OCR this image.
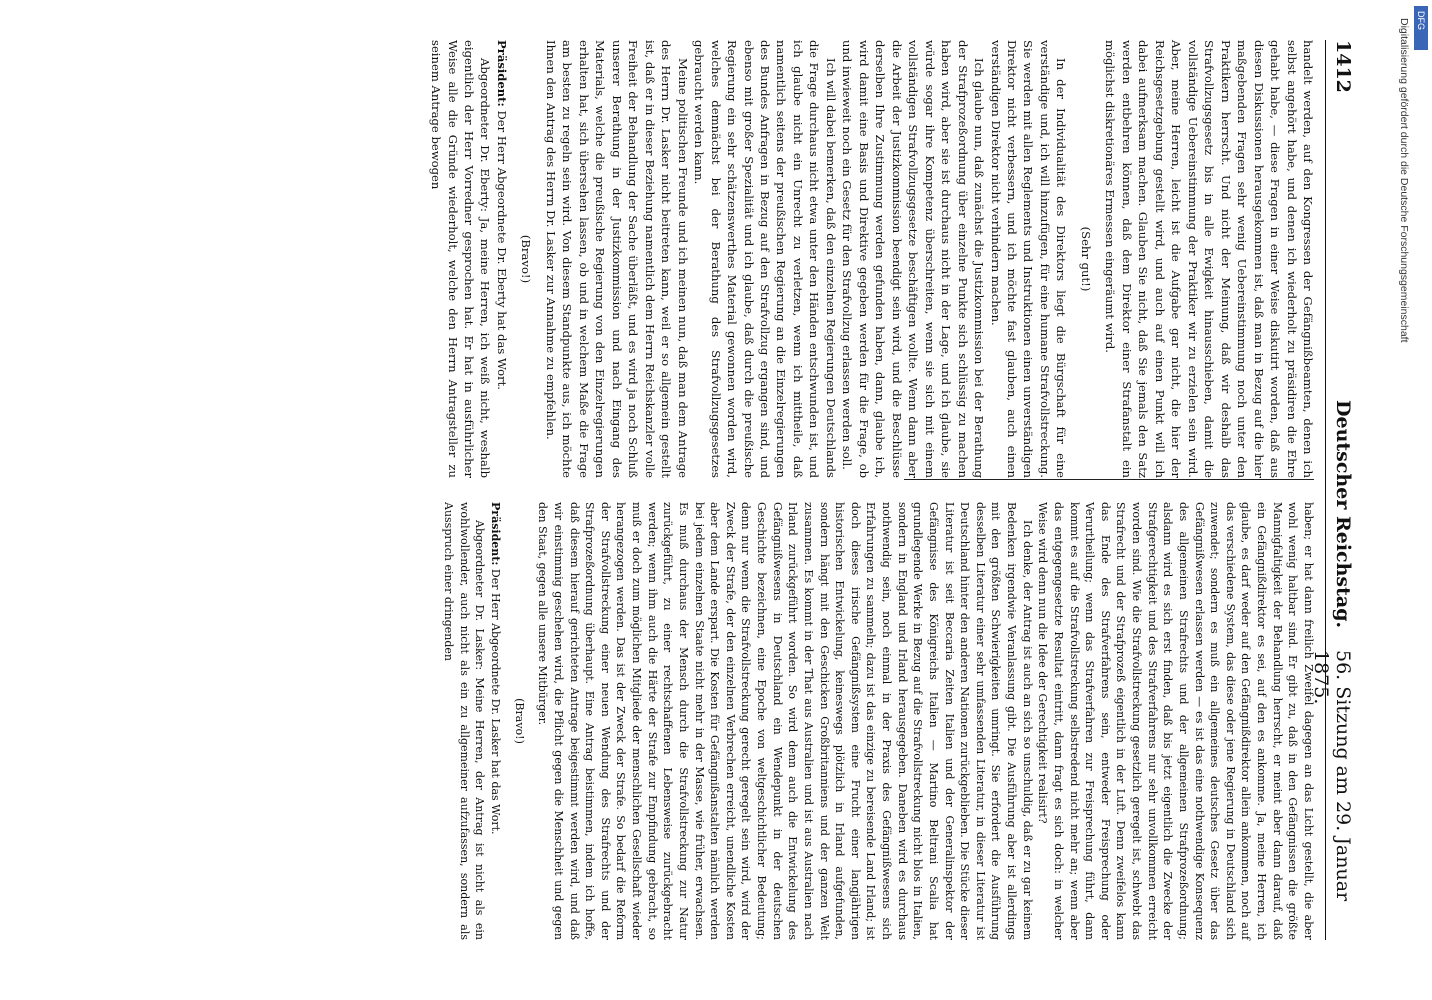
1412
Deutscher Reichstag.
56. Sitzung am 29. Januar 1875.

handelt werden, auf den Kongressen der Gefängnißbeamten, denen ich selbst angehört habe, und denen ich wiederholt zu präsidiren die Ehre gehabt habe, — diese Fragen in einer Weise diskutirt worden, daß aus diesen Diskussionen herausgekommen ist, daß man in Bezug auf die hier maßgebenden Fragen sehr wenig Uebereinstimmung noch unter den Praktikern herrscht. Und nicht der Meinung, daß wir deshalb das Strafvollzugsgesetz bis in alle Ewigkeit hinausschieben, damit die vollständige Uebereinstimmung der Praktiker wir zu erzielen sein wird. Aber, meine Herren, leicht ist die Aufgabe gar nicht, die hier der Reichsgesetzgebung gestellt wird, und auch auf einen Punkt will ich dabei aufmerksam machen. Glauben Sie nicht, daß Sie jemals den Satz werden entbehren können, daß dem Direktor einer Strafanstalt ein möglichst diskretionäres Ermessen eingeräumt wird.

(Sehr gut!)

In der Individualität des Direktors liegt die Bürgschaft für eine verständige und, ich will hinzufügen, für eine humane Strafvollstreckung. Sie werden mit allen Reglements und Instruktionen einen unverständigen Direktor nicht verbessern, und ich möchte fast glauben, auch einen verständigen Direktor nicht verhindern machen.

Ich glaube nun, daß zunächst die Justizkommission bei der Berathung der Strafprozeßordnung über einzelne Punkte sich schlüssig zu machen haben wird, aber sie ist durchaus nicht in der Lage, und ich glaube, sie würde sogar ihre Kompetenz überschreiten, wenn sie sich mit einem vollständigen Strafvollzugsgesetze beschäftigen wollte. Wenn dann aber die Arbeit der Justizkommission beendigt sein wird, und die Beschlüsse derselben Ihre Zustimmung werden gefunden haben, dann, glaube ich, wird damit eine Basis und Direktive gegeben werden für die Frage, ob und inwieweit noch ein Gesetz für den Strafvollzug erlassen werden soll.

Ich will dabei bemerken, daß den einzelnen Regierungen Deutschlands die Frage durchaus nicht etwa unter den Händen entschwunden ist, und ich glaube nicht ein Unrecht zu verletzen, wenn ich mittheile, daß namentlich seitens der preußischen Regierung an die Einzelregierungen des Bundes Anfragen in Bezug auf den Strafvollzug ergangen sind, und ebenso mit großer Spezialität und ich glaube, daß durch die preußische Regierung ein sehr schätzenswerthes Material gewonnen worden wird, welches demnächst bei der Berathung des Strafvollzugsgesetzes gebraucht werden kann.

Meine politischen Freunde und ich meinen nun, daß man dem Antrage des Herrn Dr. Lasker nicht beitreten kann, weil er so allgemein gestellt ist, daß er in dieser Beziehung namentlich dem Herrn Reichskanzler volle Freiheit der Behandlung der Sache überläßt, und es wird ja noch Schluß unserer Berathung in der Justizkommission und nach Eingang des Materials, welche die preußische Regierung von den Einzelregierungen erhalten hat, sich übersehen lassen, ob und in welchem Maße die Frage am besten zu regeln sein wird. Von diesem Standpunkte aus, ich möchte Ihnen den Antrag des Herrn Dr. Lasker zur Annahme zu empfehlen.

(Bravo!)

Präsident: Der Herr Abgeordnete Dr. Eberty hat das Wort.

Abgeordneter Dr. Eberty: Ja, meine Herren, ich weiß nicht, weshalb eigentlich der Herr Vorredner gesprochen hat. Er hat in ausführlicher Weise alle die Gründe wiederholt, welche den Herrn Antragsteller zu seinem Antrage bewogen

haben; er hat dann freilich Zweifel dagegen an das Licht gestellt, die aber wohl wenig haltbar sind. Er gibt zu, daß in den Gefängnissen die größte Mannigfaltigkeit der Behandlung herrscht, er meint aber dann darauf, daß ein Gefängnißdirektor es sei, auf den es ankomme. Ja, meine Herren, ich glaube, es darf weder auf den Gefängnißdirektor allein ankommen, noch auf das verschiedene System, das diese oder jene Regierung in Deutschland sich zuwendet; sondern es muß ein allgemeines deutsches Gesetz über das Gefängnißwesen erlassen werden — es ist das eine nothwendige Konsequenz des allgemeinen Strafrechts und der allgemeinen Strafprozeßordnung; alsdann wird es sich erst finden, daß bis jetzt eigentlich die Zwecke der Strafgerechtigkeit und des Strafverfahrens nur sehr unvollkommen erreicht worden sind. Wie die Strafvollstreckung gesetzlich geregelt ist, schwebt das Strafrecht und der Strafprozeß eigentlich in der Luft. Denn zweifelos kann das Ende des Strafverfahrens sein, entweder Freisprechung oder Verurtheilung; wenn das Strafverfahren zur Freisprechung führt, dann kommt es auf die Strafvollstreckung selbstredend nicht mehr an; wenn aber das entgegengesetzte Resultat eintritt, dann fragt es sich doch: in welcher Weise wird denn nun die Idee der Gerechtigkeit realisirt?

Ich denke, der Antrag ist auch an sich so unschuldig, daß er zu gar keinem Bedenken irgendwie Veranlassung gibt. Die Ausführung aber ist allerdings mit den größten Schwierigkeiten umringt. Sie erfordert die Ausführung desselben Literatur einer sehr umfassenden Literatur, in dieser Literatur ist Deutschland hinter den anderen Nationen zurückgeblieben. Die Stücke dieser Literatur ist seit Beccaria Zeiten Italien und der Generalinspektor der Gefängnisse des Königreichs Italien — Martino Beltrani Scalia hat grundlegende Werke in Bezug auf die Strafvollstreckung nicht blos in Italien, sondern in England und Irland herausgegeben. Daneben wird es durchaus nothwendig sein, noch einmal in der Praxis des Gefängnißwesens sich Erfahrungen zu sammeln; dazu ist das einzige zu bereisende Land Irland; ist doch dieses irische Gefängnißsystem eine Frucht einer langjährigen historischen Entwickelung, keineswegs plötzlich in Irland aufgefunden, sondern hängt mit den Geschicken Großbritanniens und der ganzen Welt zusammen. Es kommt in der That aus Australien und ist aus Australien nach Irland zurückgeführt worden. So wird denn auch die Entwickelung des Gefängnißwesens in Deutschland ein Wendepunkt in der deutschen Geschichte bezeichnen, eine Epoche von weltgeschichtlicher Bedeutung; denn nur wenn die Strafvollstreckung gerecht geregelt sein wird, wird der Zweck der Strafe, der den einzelnen Verbrechen erreicht, unendliche Kosten aber dem Lande erspart. Die Kosten für Gefängnißanstalten nämlich werden bei jedem einzelnen Staate nicht mehr in der Masse, wie früher, erwachsen. Es muß durchaus der Mensch durch die Strafvollstreckung zur Natur zurückgeführt, zu einer rechtschaffenen Lebensweise zurückgebracht werden; wenn ihm auch die Härte der Strafe zur Empfindung gebracht, so muß er doch zum möglichen Mitgliede der menschlichen Gesellschaft wieder herangezogen werden. Das ist der Zweck der Strafe. So bedarf die Reform der Strafvollstreckung einer neuen Wendung des Strafrechts und der Strafprozeßordnung überhaupt. Eine Antrag beistimmen, indem ich hoffe, daß diesem hierauf gerichteten Antrage beigestimmt werden wird, und daß wir einstimmig geschehen wird, die Pflicht gegen die Menschheit und gegen den Staat, gegen alle unsere Mitbürger.

(Bravo!)

Präsident: Der Herr Abgeordnete Dr. Lasker hat das Wort.

Abgeordneter Dr. Lasker: Meine Herren, der Antrag ist nicht als ein wohlwollender, auch nicht als ein zu allgemeiner aufzufassen, sondern als Ausspruch einer dringenden

Digitalisierung gefördert durch die Deutsche Forschungsgemeinschaft DFG
